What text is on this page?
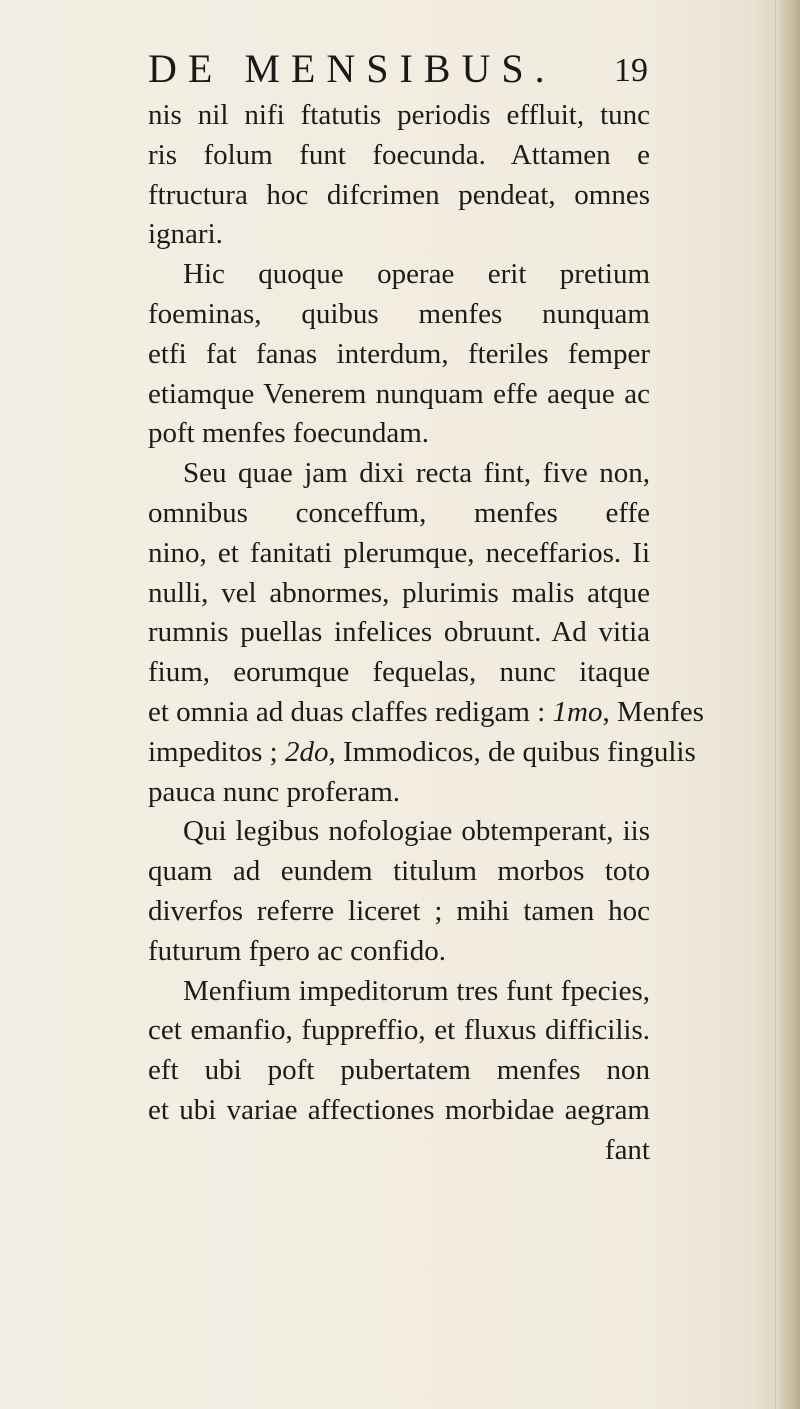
DE MENSIBUS. 19
nis nil nifi ftatutis periodis effluit, tunc
ris folum funt foecunda. Attamen e
ftructura hoc difcrimen pendeat, omnes
ignari.
Hic quoque operae erit pretium
foeminas, quibus menfes nunquam
etfi fat fanas interdum, fteriles femper
etiamque Venerem nunquam effe aeque ac
poft menfes foecundam.
Seu quae jam dixi recta fint, five non,
omnibus conceffum, menfes effe
nino, et fanitati plerumque, neceffarios. Ii
nulli, vel abnormes, plurimis malis atque
rumnis puellas infelices obruunt. Ad vitia
fium, eorumque fequelas, nunc itaque
et omnia ad duas claffes redigam : 1mo, Menfes
impeditos ; 2do, Immodicos, de quibus fingulis
pauca nunc proferam.
Qui legibus nofologiae obtemperant, iis
quam ad eundem titulum morbos toto
diverfos referre liceret ; mihi tamen hoc
futurum fpero ac confido.
Menfium impeditorum tres funt fpecies,
cet emanfio, fuppreffio, et fluxus difficilis.
eft ubi poft pubertatem menfes non
et ubi variae affectiones morbidae aegram
fant
